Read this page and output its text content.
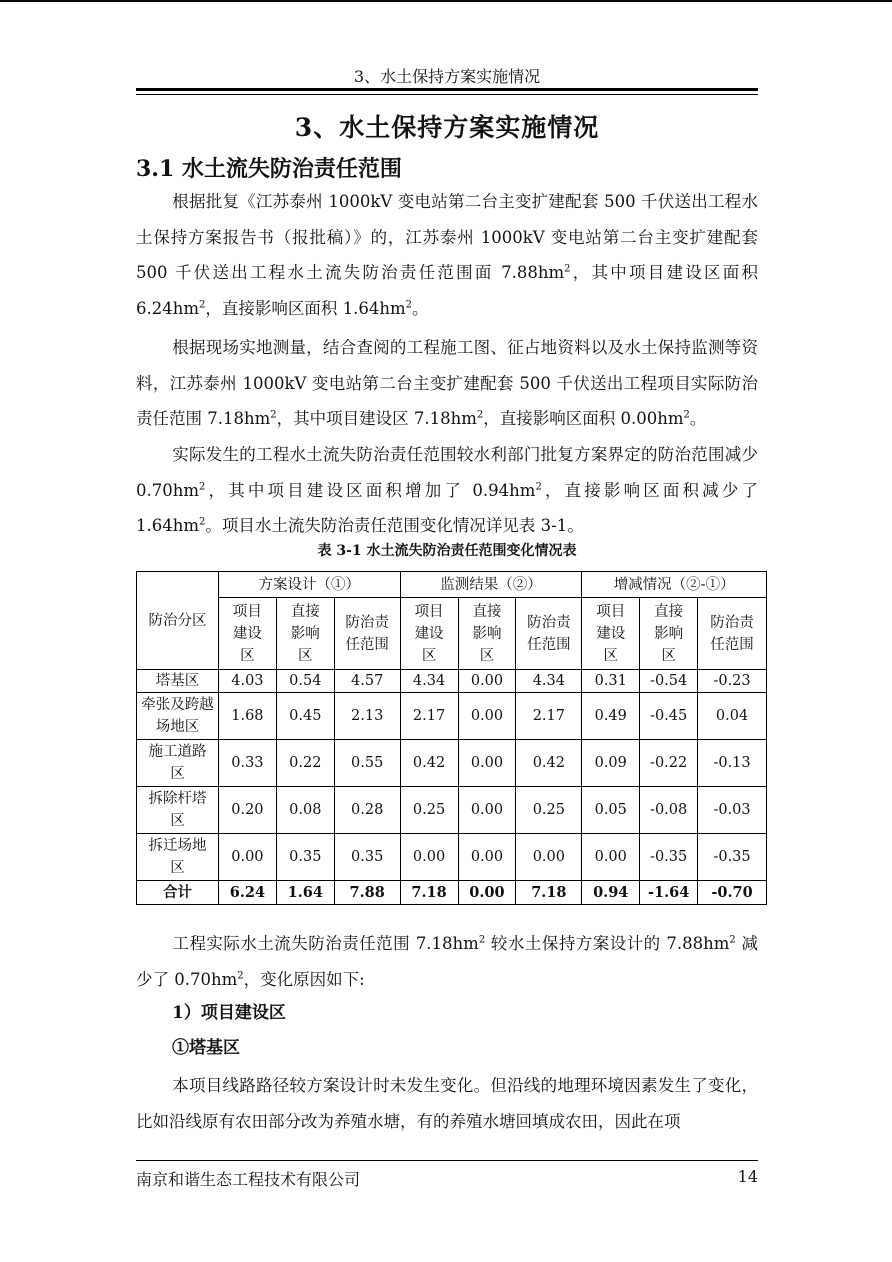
3、水土保持方案实施情况
3、水土保持方案实施情况
3.1 水土流失防治责任范围

根据批复《江苏泰州 1000kV 变电站第二台主变扩建配套 500 千伏送出工程水土保持方案报告书（报批稿）》的，江苏泰州 1000kV 变电站第二台主变扩建配套 500 千伏送出工程水土流失防治责任范围面 $7.88hm^2$，其中项目建设区面积 $6.24hm^2$，直接影响区面积 $1.64hm^2$。

根据现场实地测量，结合查阅的工程施工图、征占地资料以及水土保持监测等资料，江苏泰州 1000kV 变电站第二台主变扩建配套 500 千伏送出工程项目实际防治责任范围 $7.18hm^2$，其中项目建设区 $7.18hm^2$，直接影响区面积 $0.00hm^2$。

实际发生的工程水土流失防治责任范围较水利部门批复方案界定的防治范围减少 $0.70hm^2$，其中项目建设区面积增加了 $0.94hm^2$，直接影响区面积减少了 $1.64hm^2$。项目水土流失防治责任范围变化情况详见表 3-1。

表 3-1 水土流失防治责任范围变化情况表
防治分区	方案设计（①）			监测结果（②）			增减情况（②-①）		

	项目建设区	直接影响区	防治责任范围	项目建设区	直接影响区	防治责任范围	项目建设区	直接影响区	防治责任范围

塔基区	4.03	0.54	4.57	4.34	0.00	4.34	0.31	-0.54	-0.23

牵张及跨越场地区	1.68	0.45	2.13	2.17	0.00	2.17	0.49	-0.45	0.04

施工道路区	0.33	0.22	0.55	0.42	0.00	0.42	0.09	-0.22	-0.13

拆除杆塔区	0.20	0.08	0.28	0.25	0.00	0.25	0.05	-0.08	-0.03

拆迁场地区	0.00	0.35	0.35	0.00	0.00	0.00	0.00	-0.35	-0.35
合计	6.24	1.64	7.88	7.18	0.00	7.18	0.94	-1.64	-0.70

工程实际水土流失防治责任范围 $7.18hm^2$ 较水土保持方案设计的 $7.88hm^2$ 减少了 $0.70hm^2$，变化原因如下:

1）项目建设区
①塔基区

本项目线路路径较方案设计时未发生变化。但沿线的地理环境因素发生了变化，比如沿线原有农田部分改为养殖水塘，有的养殖水塘回填成农田，因此在项

南京和谐生态工程技术有限公司	14
